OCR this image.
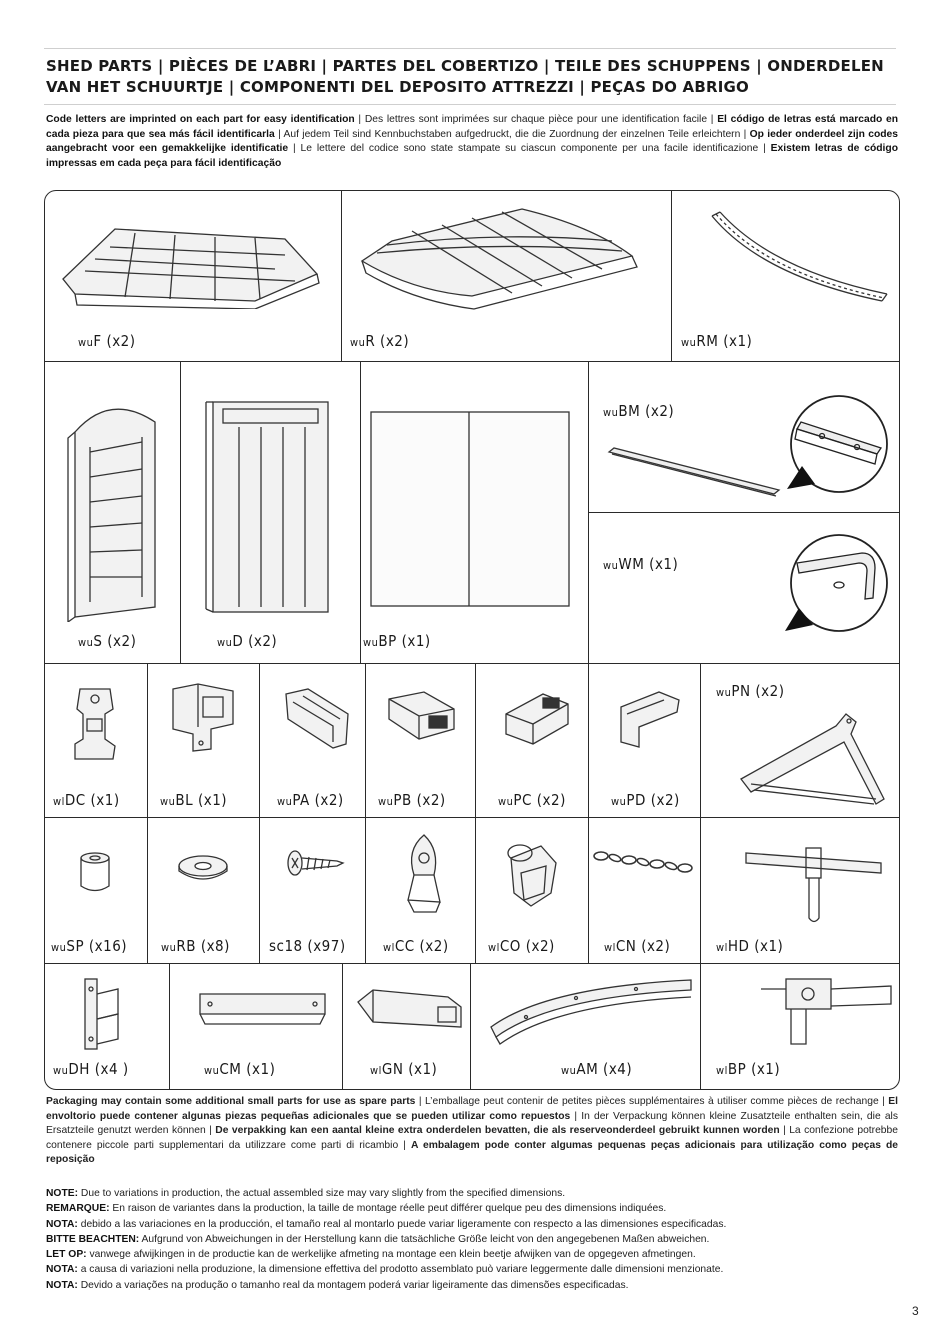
SHED PARTS | PIÈCES DE L’ABRI | PARTES DEL COBERTIZO | TEILE DES SCHUPPENS | ONDERDELEN VAN HET SCHUURTJE | COMPONENTI DEL DEPOSITO ATTREZZI | PEÇAS DO ABRIGO
Code letters are imprinted on each part for easy identification | Des lettres sont imprimées sur chaque pièce pour une identification facile | El código de letras está marcado en cada pieza para que sea más fácil identificarla | Auf jedem Teil sind Kennbuchstaben aufgedruckt, die die Zuordnung der einzelnen Teile erleichtern | Op ieder onderdeel zijn codes aangebracht voor een gemakkelijke identificatie | Le lettere del codice sono state stampate su ciascun componente per una facile identificazione | Existem letras de código impressas em cada peça para fácil identificação
wuF (x2)	wuR (x2)	wuRM (x1)
wuS (x2)	wuD (x2)	wuBP (x1)
wuBM (x2)
wuWM (x1)
wlDC (x1)	wuBL (x1)	wuPA (x2)	wuPB (x2)	wuPC (x2)	wuPD (x2)
wuPN (x2)
wuSP (x16)	wuRB (x8)	sc18 (x97)	wlCC (x2)	wlCO (x2)	wlCN (x2)	wlHD (x1)
wuDH (x4 )	wuCM (x1)	wlGN (x1)	wuAM (x4)	wlBP (x1)
Packaging may contain some additional small parts for use as spare parts | L’emballage peut contenir de petites pièces supplémentaires à utiliser comme pièces de rechange | El envoltorio puede contener algunas piezas pequeñas adicionales que se pueden utilizar como repuestos | In der Verpackung können kleine Zusatzteile enthalten sein, die als Ersatzteile genutzt werden können | De verpakking kan een aantal kleine extra onderdelen bevatten, die als reserveonderdeel gebruikt kunnen worden | La confezione potrebbe contenere piccole parti supplementari da utilizzare come parti di ricambio | A embalagem pode conter algumas pequenas peças adicionais para utilização como peças de reposição
NOTE: Due to variations in production, the actual assembled size may vary slightly from the specified dimensions.
REMARQUE: En raison de variantes dans la production, la taille de montage réelle peut différer quelque peu des dimensions indiquées.
NOTA: debido a las variaciones en la producción, el tamaño real al montarlo puede variar ligeramente con respecto a las dimensiones especificadas.
BITTE BEACHTEN: Aufgrund von Abweichungen in der Herstellung kann die tatsächliche Größe leicht von den angegebenen Maßen abweichen.
LET OP: vanwege afwijkingen in de productie kan de werkelijke afmeting na montage een klein beetje afwijken van de opgegeven afmetingen.
NOTA: a causa di variazioni nella produzione, la dimensione effettiva del prodotto assemblato può variare leggermente dalle dimensioni menzionate.
NOTA: Devido a variações na produção o tamanho real da montagem poderá variar ligeiramente das dimensões especificadas.
3
